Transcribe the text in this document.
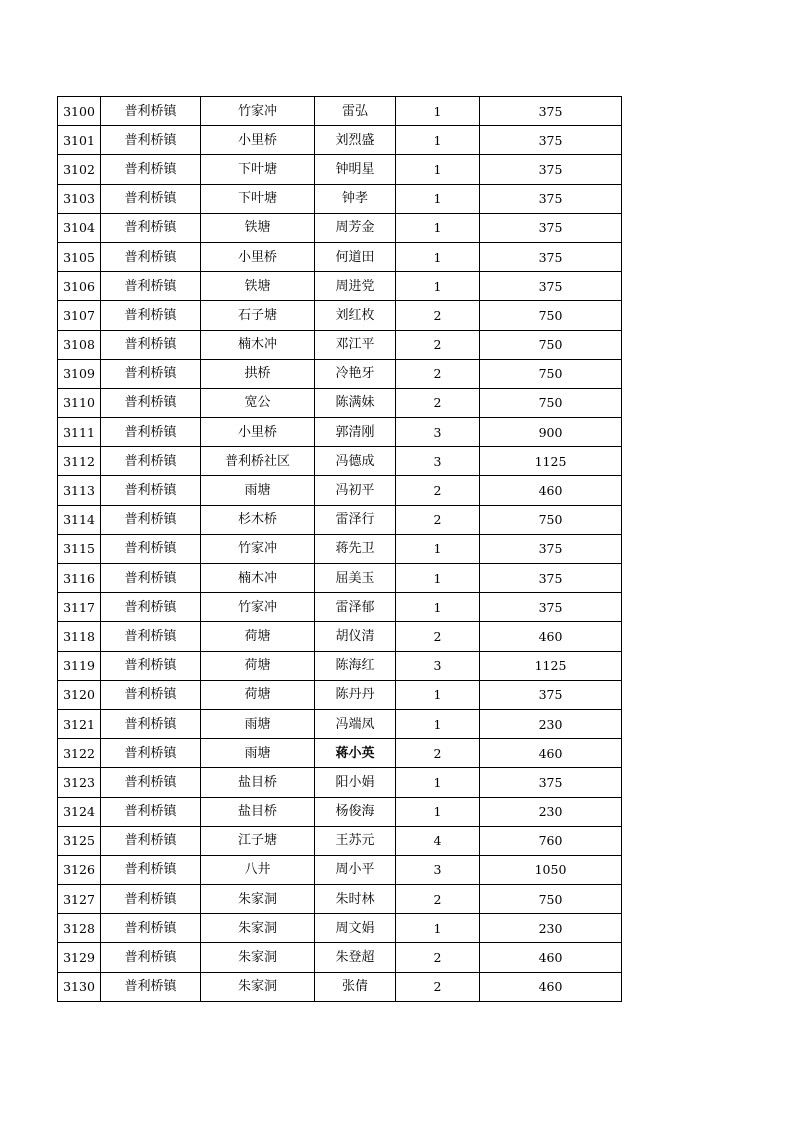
3100	普利桥镇	竹家冲	雷弘	1	375
3101	普利桥镇	小里桥	刘烈盛	1	375
3102	普利桥镇	下叶塘	钟明星	1	375
3103	普利桥镇	下叶塘	钟孝	1	375
3104	普利桥镇	铁塘	周芳金	1	375
3105	普利桥镇	小里桥	何道田	1	375
3106	普利桥镇	铁塘	周进党	1	375
3107	普利桥镇	石子塘	刘红枚	2	750
3108	普利桥镇	楠木冲	邓江平	2	750
3109	普利桥镇	拱桥	冷艳牙	2	750
3110	普利桥镇	宽公	陈满妹	2	750
3111	普利桥镇	小里桥	郭清刚	3	900
3112	普利桥镇	普利桥社区	冯德成	3	1125
3113	普利桥镇	雨塘	冯初平	2	460
3114	普利桥镇	杉木桥	雷泽行	2	750
3115	普利桥镇	竹家冲	蒋先卫	1	375
3116	普利桥镇	楠木冲	屈美玉	1	375
3117	普利桥镇	竹家冲	雷泽郁	1	375
3118	普利桥镇	荷塘	胡仪清	2	460
3119	普利桥镇	荷塘	陈海红	3	1125
3120	普利桥镇	荷塘	陈丹丹	1	375
3121	普利桥镇	雨塘	冯端凤	1	230
3122	普利桥镇	雨塘	蒋小英	2	460
3123	普利桥镇	盐目桥	阳小娟	1	375
3124	普利桥镇	盐目桥	杨俊海	1	230
3125	普利桥镇	江子塘	王苏元	4	760
3126	普利桥镇	八井	周小平	3	1050
3127	普利桥镇	朱家洞	朱时林	2	750
3128	普利桥镇	朱家洞	周文娟	1	230
3129	普利桥镇	朱家洞	朱登超	2	460
3130	普利桥镇	朱家洞	张倩	2	460
